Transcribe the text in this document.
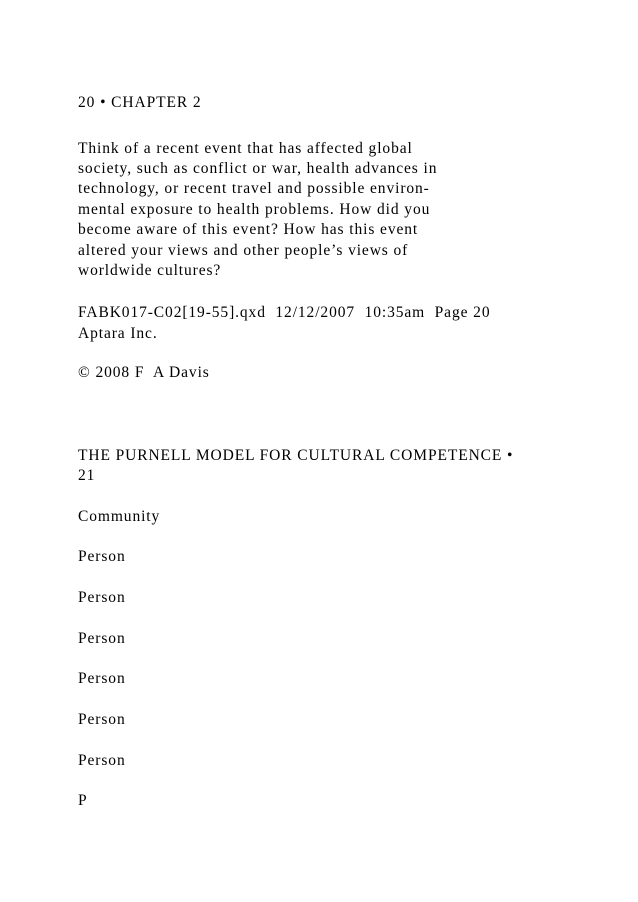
20 • CHAPTER 2

Think of a recent event that has affected global

society, such as conflict or war, health advances in

technology, or recent travel and possible environ-

mental exposure to health problems. How did you

become aware of this event? How has this event

altered your views and other people’s views of

worldwide cultures?

FABK017-C02[19-55].qxd  12/12/2007  10:35am  Page 20

Aptara Inc.

© 2008 F  A Davis

THE PURNELL MODEL FOR CULTURAL COMPETENCE •

21

Community

Person

Person

Person

Person

Person

Person

P
